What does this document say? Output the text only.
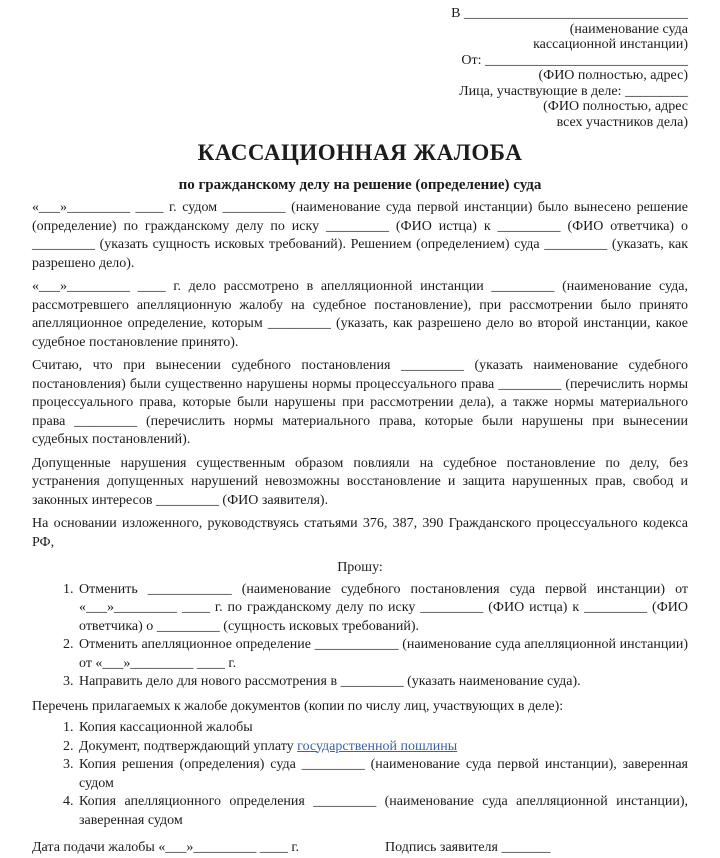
В ________________________________
(наименование суда
кассационной инстанции)
От: _____________________________
(ФИО полностью, адрес)
Лица, участвующие в деле: _________
(ФИО полностью, адрес
всех участников дела)
КАССАЦИОННАЯ ЖАЛОБА
по гражданскому делу на решение (определение) суда

«___»_________ ____ г. судом _________ (наименование суда первой инстанции) было вынесено решение (определение) по гражданскому делу по иску _________ (ФИО истца) к _________ (ФИО ответчика) о _________ (указать сущность исковых требований). Решением (определением) суда _________ (указать, как разрешено дело).

«___»_________ ____ г. дело рассмотрено в апелляционной инстанции _________ (наименование суда, рассмотревшего апелляционную жалобу на судебное постановление), при рассмотрении было принято апелляционное определение, которым _________ (указать, как разрешено дело во второй инстанции, какое судебное постановление принято).

Считаю, что при вынесении судебного постановления _________ (указать наименование судебного постановления) были существенно нарушены нормы процессуального права _________ (перечислить нормы процессуального права, которые были нарушены при рассмотрении дела), а также нормы материального права _________ (перечислить нормы материального права, которые были нарушены при вынесении судебных постановлений).

Допущенные нарушения существенным образом повлияли на судебное постановление по делу, без устранения допущенных нарушений невозможны восстановление и защита нарушенных прав, свобод и законных интересов _________ (ФИО заявителя).

На основании изложенного, руководствуясь статьями 376, 387, 390 Гражданского процессуального кодекса РФ,

Прошу:
1. Отменить ____________ (наименование судебного постановления суда первой инстанции) от «___»_________ ____ г. по гражданскому делу по иску _________ (ФИО истца) к _________ (ФИО ответчика) о _________ (сущность исковых требований).
2. Отменить апелляционное определение ____________ (наименование суда апелляционной инстанции) от «___»_________ ____ г.
3. Направить дело для нового рассмотрения в _________ (указать наименование суда).

Перечень прилагаемых к жалобе документов (копии по числу лиц, участвующих в деле):

1. Копия кассационной жалобы
2. Документ, подтверждающий уплату государственной пошлины
3. Копия решения (определения) суда _________ (наименование суда первой инстанции), заверенная судом
4. Копия апелляционного определения _________ (наименование суда апелляционной инстанции), заверенная судом
Дата подачи жалобы «___»_________ ____ г.	Подпись заявителя _______
